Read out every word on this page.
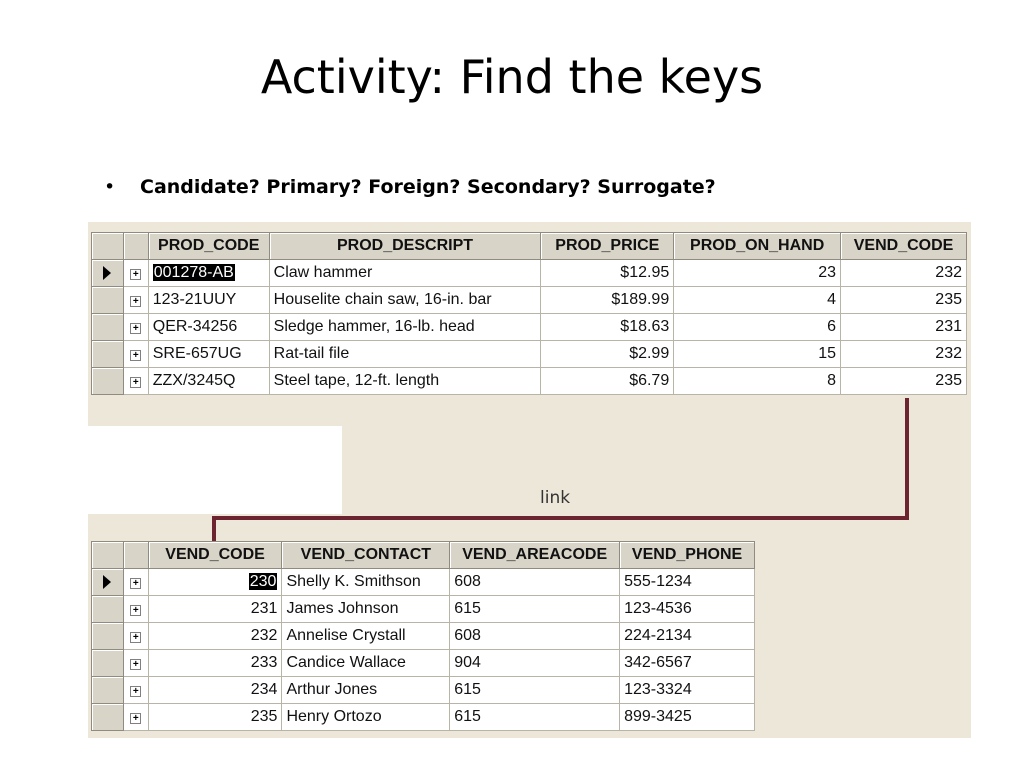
Activity: Find the keys
• Candidate? Primary? Foreign? Secondary? Surrogate?
		PROD_CODE	PROD_DESCRIPT	PROD_PRICE	PROD_ON_HAND	VEND_CODE
	+	001278-AB	Claw hammer	$12.95	23	232
	+	123-21UUY	Houselite chain saw, 16-in. bar	$189.99	4	235
	+	QER-34256	Sledge hammer, 16-lb. head	$18.63	6	231
	+	SRE-657UG	Rat-tail file	$2.99	15	232
	+	ZZX/3245Q	Steel tape, 12-ft. length	$6.79	8	235
link
		VEND_CODE	VEND_CONTACT	VEND_AREACODE	VEND_PHONE
	+	230	Shelly K. Smithson	608	555-1234
	+	231	James Johnson	615	123-4536
	+	232	Annelise Crystall	608	224-2134
	+	233	Candice Wallace	904	342-6567
	+	234	Arthur Jones	615	123-3324
	+	235	Henry Ortozo	615	899-3425
